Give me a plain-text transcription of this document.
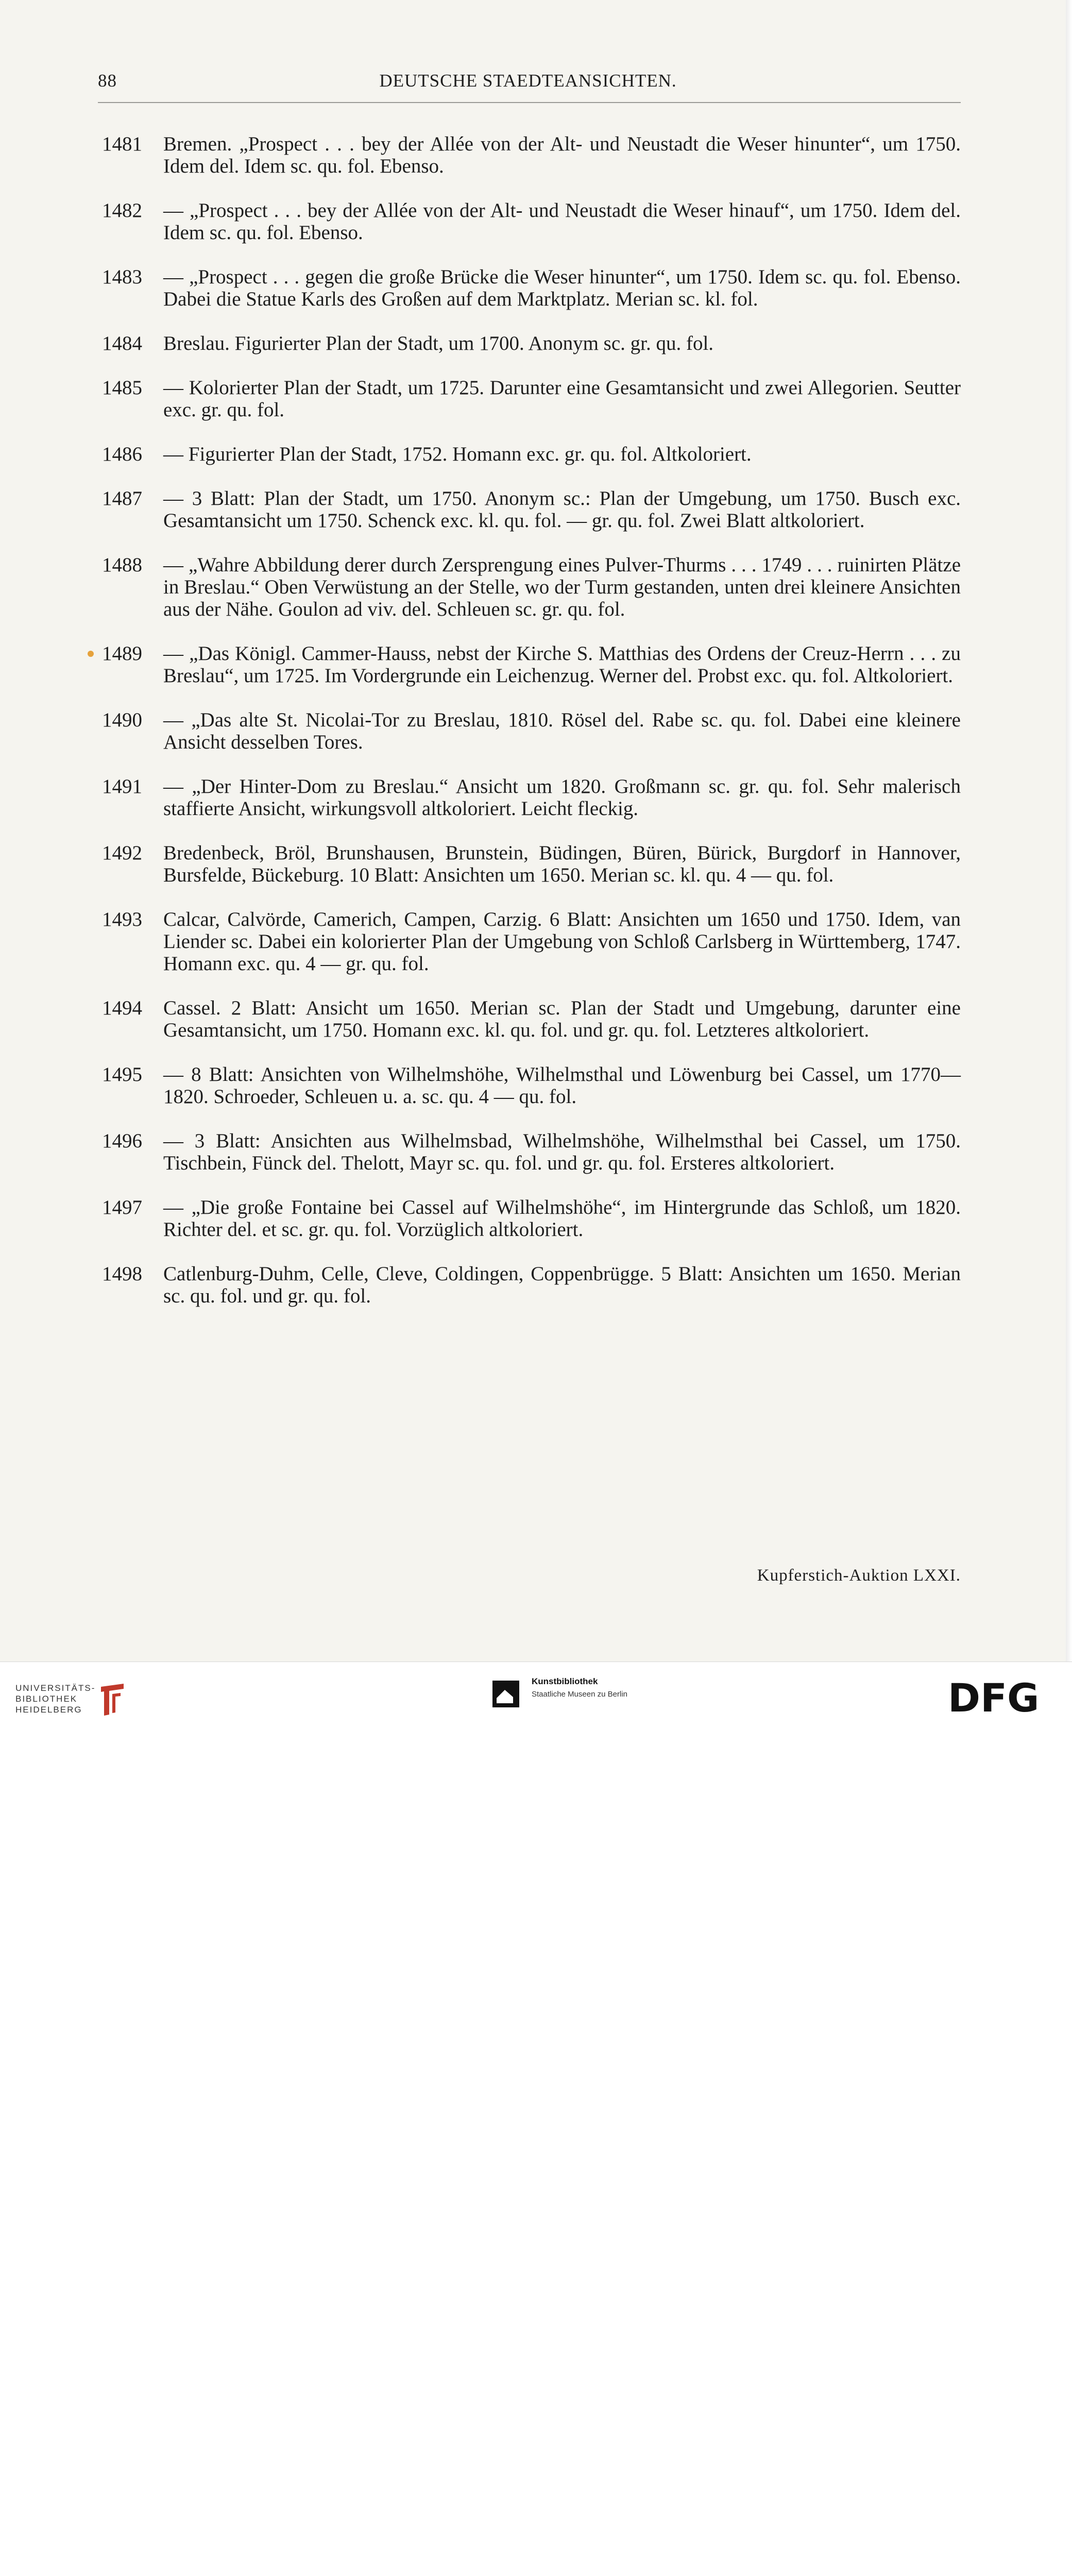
88	DEUTSCHE STAEDTEANSICHTEN.
1481 Bremen. „Prospect . . . bey der Allée von der Alt- und Neustadt die Weser hinunter“, um 1750. Idem del. Idem sc. qu. fol. Ebenso.
1482 — „Prospect . . . bey der Allée von der Alt- und Neustadt die Weser hinauf“, um 1750. Idem del. Idem sc. qu. fol. Ebenso.
1483 — „Prospect . . . gegen die große Brücke die Weser hinunter“, um 1750. Idem sc. qu. fol. Ebenso. Dabei die Statue Karls des Großen auf dem Marktplatz. Merian sc. kl. fol.
1484 Breslau. Figurierter Plan der Stadt, um 1700. Anonym sc. gr. qu. fol.
1485 — Kolorierter Plan der Stadt, um 1725. Darunter eine Gesamtansicht und zwei Allegorien. Seutter exc. gr. qu. fol.
1486 — Figurierter Plan der Stadt, 1752. Homann exc. gr. qu. fol. Altkoloriert.
1487 — 3 Blatt: Plan der Stadt, um 1750. Anonym sc.: Plan der Umgebung, um 1750. Busch exc. Gesamtansicht um 1750. Schenck exc. kl. qu. fol. — gr. qu. fol. Zwei Blatt altkoloriert.
1488 — „Wahre Abbildung derer durch Zersprengung eines Pulver-Thurms . . . 1749 . . . ruinirten Plätze in Breslau.“ Oben Verwüstung an der Stelle, wo der Turm gestanden, unten drei kleinere Ansichten aus der Nähe. Goulon ad viv. del. Schleuen sc. gr. qu. fol.
1489 — „Das Königl. Cammer-Hauss, nebst der Kirche S. Matthias des Ordens der Creuz-Herrn . . . zu Breslau“, um 1725. Im Vordergrunde ein Leichenzug. Werner del. Probst exc. qu. fol. Altkoloriert.
1490 — „Das alte St. Nicolai-Tor zu Breslau, 1810. Rösel del. Rabe sc. qu. fol. Dabei eine kleinere Ansicht desselben Tores.
1491 — „Der Hinter-Dom zu Breslau.“ Ansicht um 1820. Großmann sc. gr. qu. fol. Sehr malerisch staffierte Ansicht, wirkungsvoll altkoloriert. Leicht fleckig.
1492 Bredenbeck, Bröl, Brunshausen, Brunstein, Büdingen, Büren, Bürick, Burgdorf in Hannover, Bursfelde, Bückeburg. 10 Blatt: Ansichten um 1650. Merian sc. kl. qu. 4 — qu. fol.
1493 Calcar, Calvörde, Camerich, Campen, Carzig. 6 Blatt: Ansichten um 1650 und 1750. Idem, van Liender sc. Dabei ein kolorierter Plan der Umgebung von Schloß Carlsberg in Württemberg, 1747. Homann exc. qu. 4 — gr. qu. fol.
1494 Cassel. 2 Blatt: Ansicht um 1650. Merian sc. Plan der Stadt und Umgebung, darunter eine Gesamtansicht, um 1750. Homann exc. kl. qu. fol. und gr. qu. fol. Letzteres altkoloriert.
1495 — 8 Blatt: Ansichten von Wilhelmshöhe, Wilhelmsthal und Löwenburg bei Cassel, um 1770—1820. Schroeder, Schleuen u. a. sc. qu. 4 — qu. fol.
1496 — 3 Blatt: Ansichten aus Wilhelmsbad, Wilhelmshöhe, Wilhelmsthal bei Cassel, um 1750. Tischbein, Fünck del. Thelott, Mayr sc. qu. fol. und gr. qu. fol. Ersteres altkoloriert.
1497 — „Die große Fontaine bei Cassel auf Wilhelmshöhe“, im Hintergrunde das Schloß, um 1820. Richter del. et sc. gr. qu. fol. Vorzüglich altkoloriert.
1498 Catlenburg-Duhm, Celle, Cleve, Coldingen, Coppenbrügge. 5 Blatt: Ansichten um 1650. Merian sc. qu. fol. und gr. qu. fol.
Kupferstich-Auktion LXXI.
UNIVERSITÄTS-
BIBLIOTHEK
HEIDELBERG
Kunstbibliothek
Staatliche Museen zu Berlin	DFG
